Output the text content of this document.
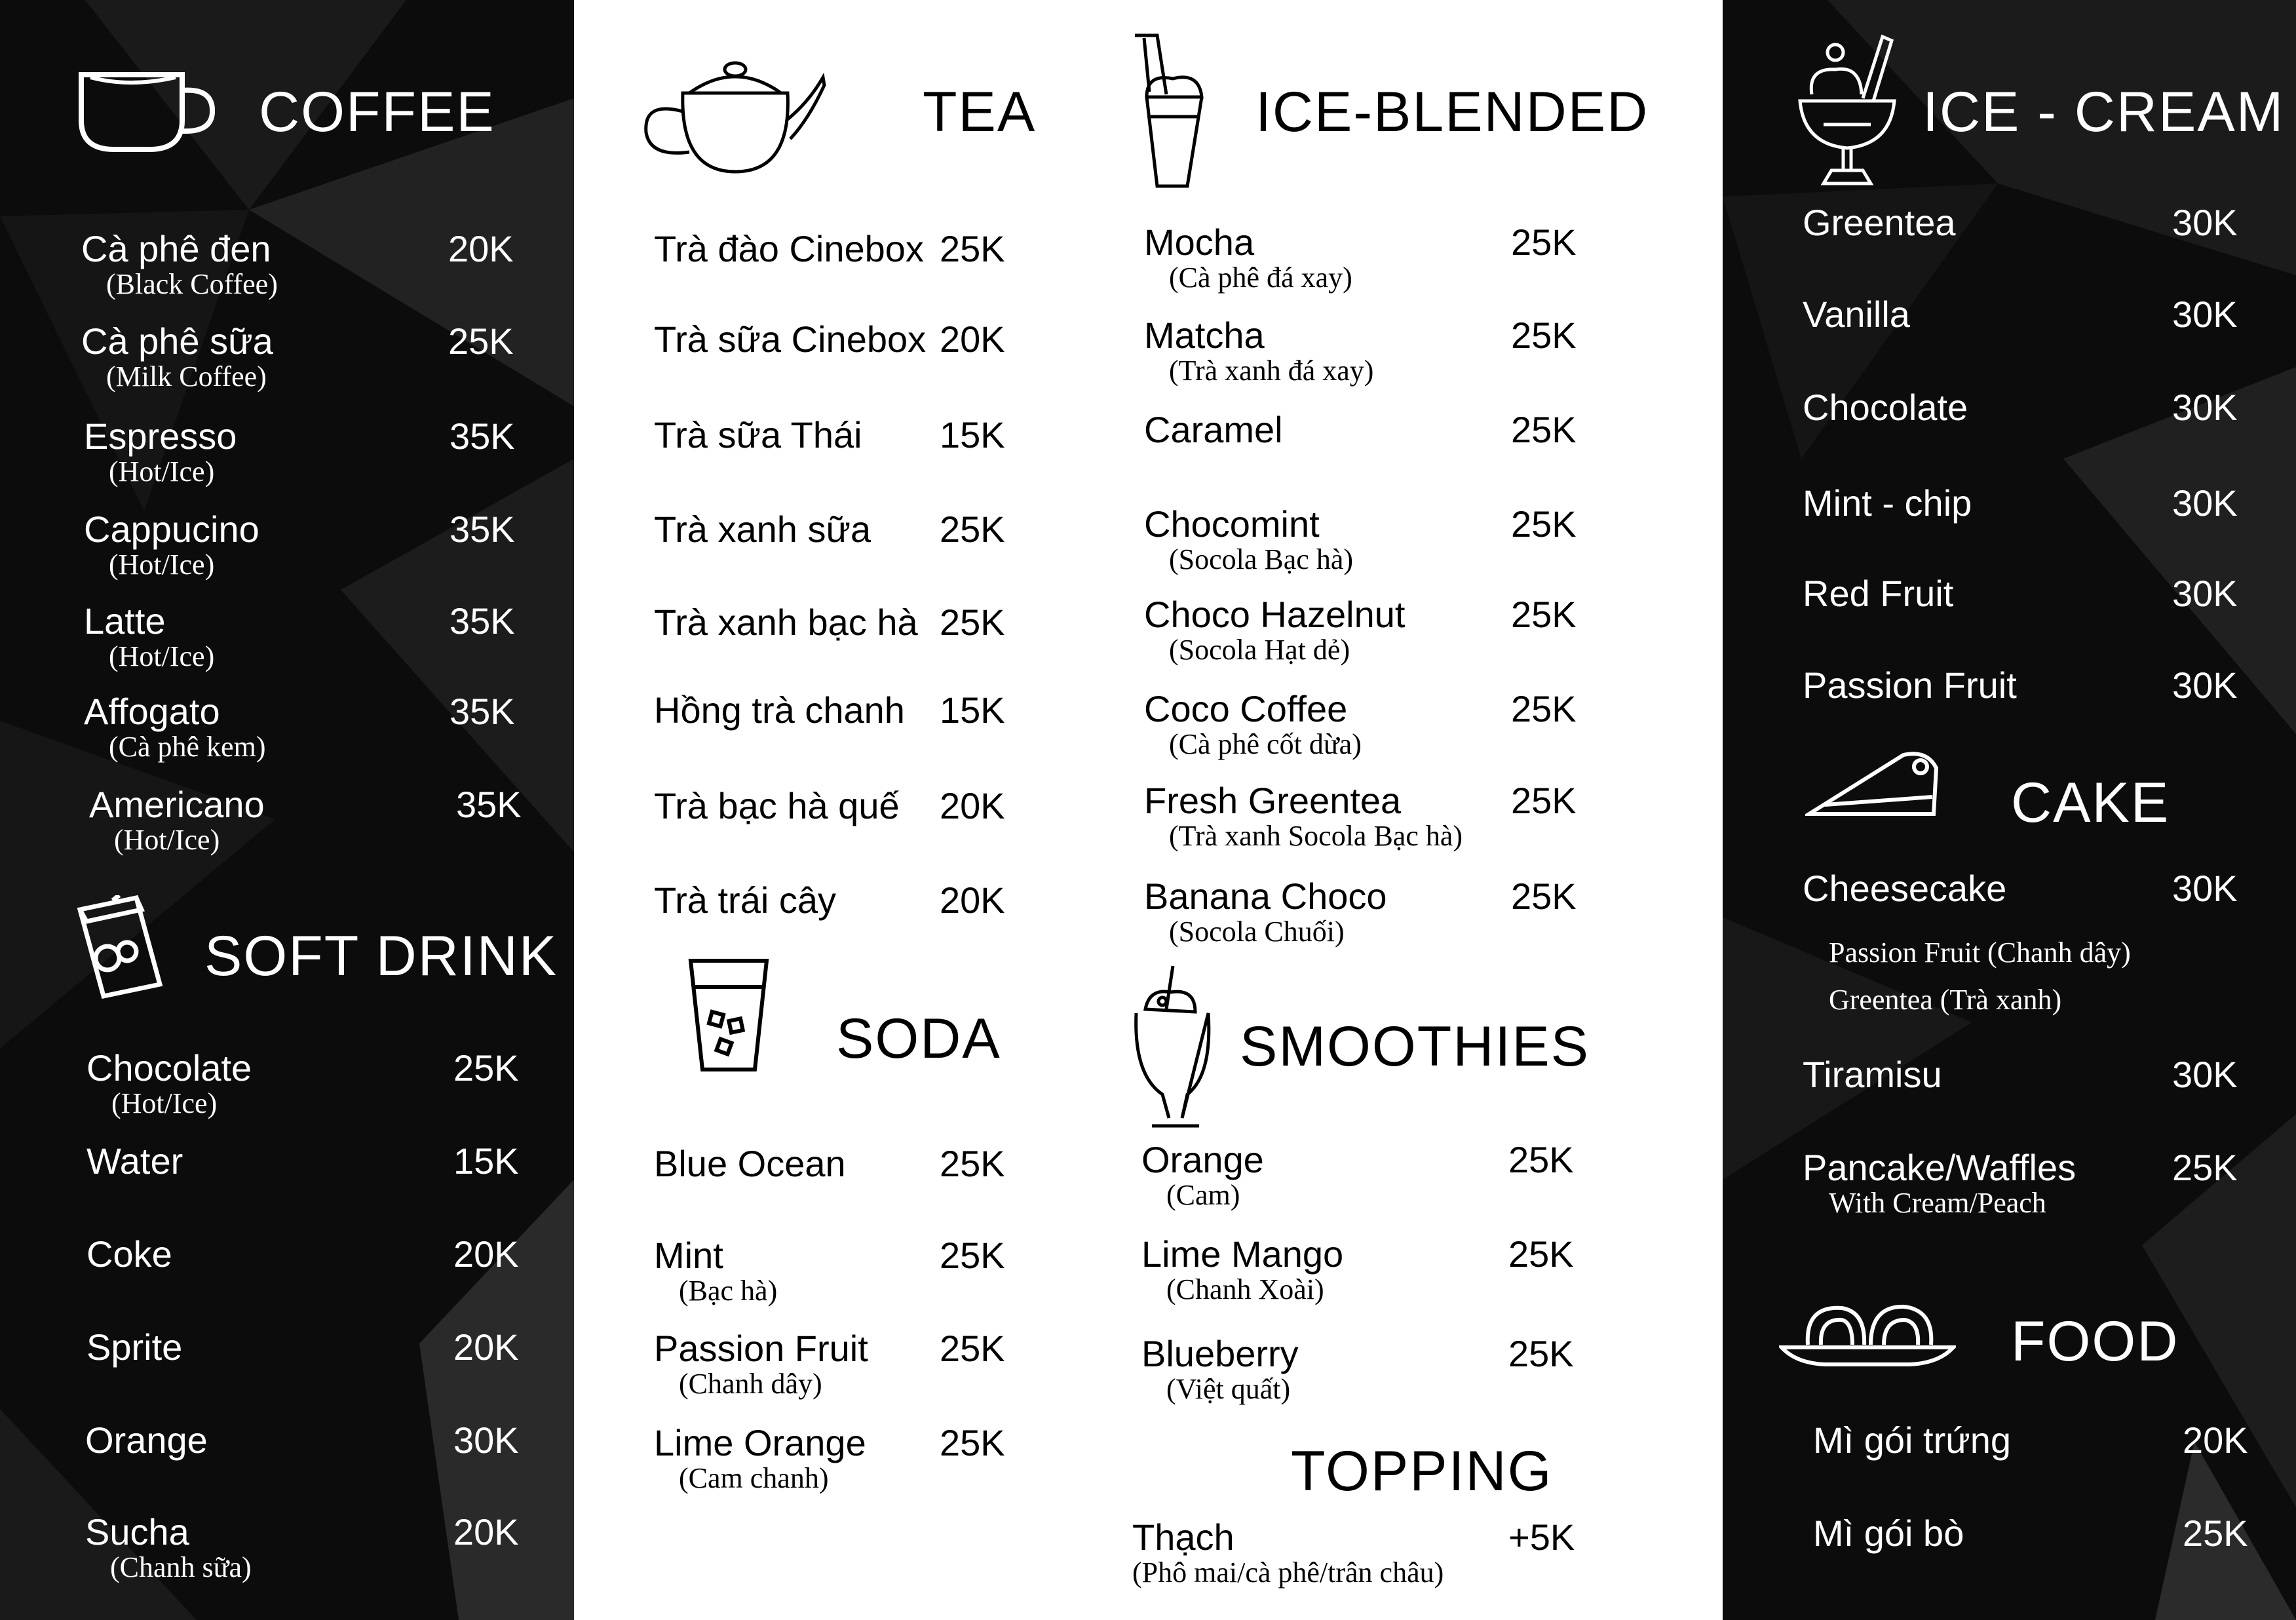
COFFEE
Cà phê đen
(Black Coffee)
20K
Cà phê sữa
(Milk Coffee)
25K
Espresso
(Hot/Ice)
35K
Cappucino
(Hot/Ice)
35K
Latte
(Hot/Ice)
35K
Affogato
(Cà phê kem)
35K
Americano
(Hot/Ice)
35K
SOFT DRINK
Chocolate
(Hot/Ice)
25K
Water	15K
Coke	20K
Sprite	20K
Orange	30K
Sucha
(Chanh sữa)
20K
TEA
Trà đào Cinebox 25K
Trà sữa Cinebox 20K
Trà sữa Thái 15K
Trà xanh sữa 25K
Trà xanh bạc hà 25K
Hồng trà chanh 15K
Trà bạc hà quế 20K
Trà trái cây	20K
SODA
Blue Ocean	25K
Mint
(Bạc hà)
25K
Passion Fruit
(Chanh dây)
25K
Lime Orange
(Cam chanh)
25K
ICE-BLENDED
Mocha
(Cà phê đá xay)
25K
Matcha
(Trà xanh đá xay)
25K
Caramel	25K
Chocomint
(Socola Bạc hà)
25K
Choco Hazelnut
(Socola Hạt dẻ)
25K
Coco Coffee
(Cà phê cốt dừa)
25K
Fresh Greentea
(Trà xanh Socola Bạc hà)
25K
Banana Choco
(Socola Chuối)
25K
SMOOTHIES
Orange
(Cam)
25K
Lime Mango
(Chanh Xoài)
25K
Blueberry
(Việt quất)
25K
TOPPING
Thạch
(Phô mai/cà phê/trân châu)
+5K
ICE - CREAM
Greentea	30K
Vanilla	30K
Chocolate	30K
Mint - chip	30K
Red Fruit	30K
Passion Fruit	30K
CAKE
Cheesecake	30K
Passion Fruit (Chanh dây)
Greentea (Trà xanh)
Tiramisu	30K
Pancake/Waffles
With Cream/Peach
25K
FOOD
Mì gói trứng	20K
Mì gói bò	25K
